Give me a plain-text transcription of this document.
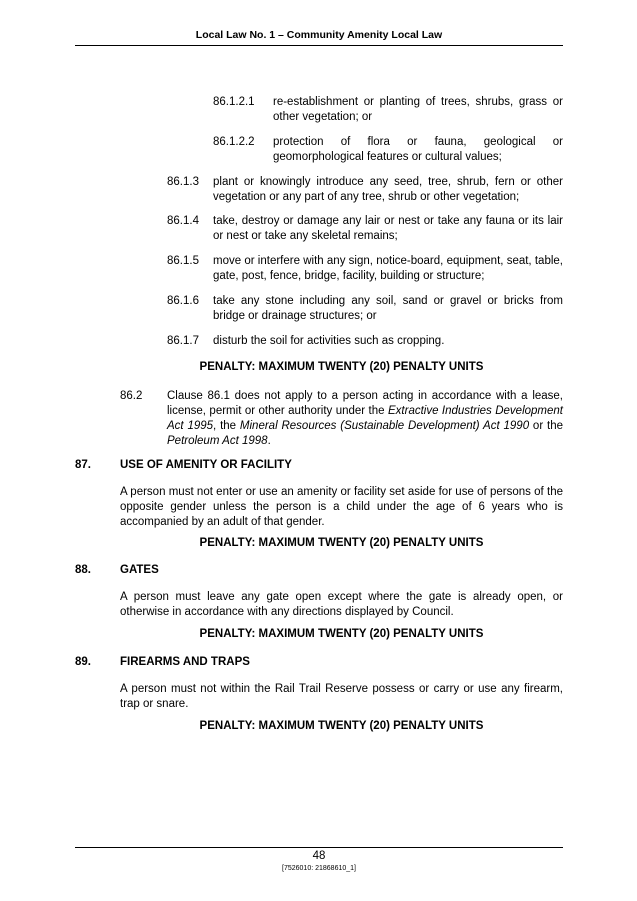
Local Law No. 1 – Community Amenity Local Law
86.1.2.1 re-establishment or planting of trees, shrubs, grass or other vegetation; or
86.1.2.2 protection of flora or fauna, geological or geomorphological features or cultural values;
86.1.3 plant or knowingly introduce any seed, tree, shrub, fern or other vegetation or any part of any tree, shrub or other vegetation;
86.1.4 take, destroy or damage any lair or nest or take any fauna or its lair or nest or take any skeletal remains;
86.1.5 move or interfere with any sign, notice-board, equipment, seat, table, gate, post, fence, bridge, facility, building or structure;
86.1.6 take any stone including any soil, sand or gravel or bricks from bridge or drainage structures; or
86.1.7 disturb the soil for activities such as cropping.
PENALTY: MAXIMUM TWENTY (20) PENALTY UNITS
86.2 Clause 86.1 does not apply to a person acting in accordance with a lease, license, permit or other authority under the Extractive Industries Development Act 1995, the Mineral Resources (Sustainable Development) Act 1990 or the Petroleum Act 1998.
87.	USE OF AMENITY OR FACILITY
A person must not enter or use an amenity or facility set aside for use of persons of the opposite gender unless the person is a child under the age of 6 years who is accompanied by an adult of that gender.
PENALTY: MAXIMUM TWENTY (20) PENALTY UNITS
88.	GATES
A person must leave any gate open except where the gate is already open, or otherwise in accordance with any directions displayed by Council.
PENALTY: MAXIMUM TWENTY (20) PENALTY UNITS
89.	FIREARMS AND TRAPS
A person must not within the Rail Trail Reserve possess or carry or use any firearm, trap or snare.
PENALTY: MAXIMUM TWENTY (20) PENALTY UNITS
48
[7526010: 21868610_1]
